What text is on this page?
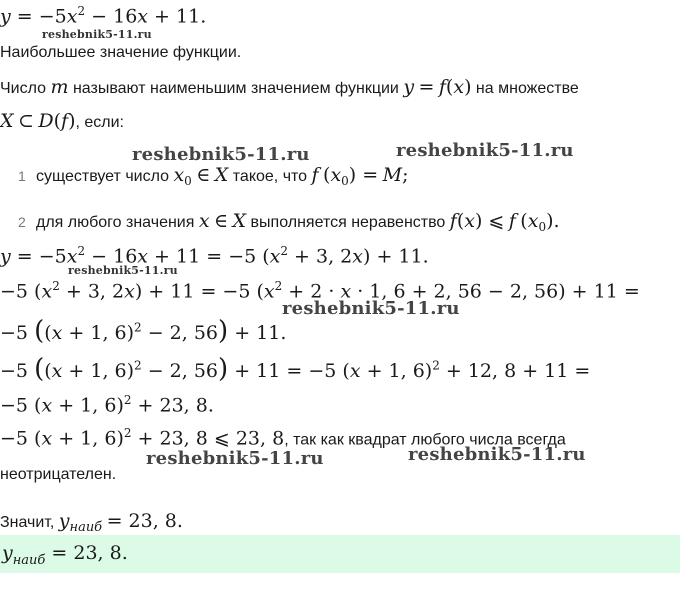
$y = -5x^2 - 16x + 11$.
reshebnik5-11.ru
Наибольшее значение функции.
Число m называют наименьшим значением функции y = f(x) на множестве
X ⊂ D(f), если:
reshebnik5-11.ru	reshebnik5-11.ru
1 существует число $x_0$ ∈ X такое, что f $(x_0) = M$;
2 для любого значения x ∈ X выполняется неравенство f(x) ⩽ f $(x_0)$.
$y = -5x^2 - 16x + 11 = -5$ ($x^2 + 3$, 2x) + 11.
reshebnik5-11.ru
−5 ($x^2 + 3$, 2x) + 11 = −5 ($x^2 + 2 \cdot x \cdot 1$, 6 + 2, 56 − 2, 56) + 11 =
reshebnik5-11.ru
−5 ((x + 1, 6)$^2$ − 2, 56) + 11.
−5 ((x + 1, 6)$^2$ − 2, 56) + 11 = −5 (x + 1, 6)$^2$ + 12, 8 + 11 =
−5 (x + 1, 6)$^2$ + 23, 8.
−5 (x + 1, 6)$^2$ + 23, 8 ⩽ 23, 8, так как квадрат любого числа всегда
reshebnik5-11.ru	reshebnik5-11.ru
неотрицателен.
Значит, $y_{наиб} = 23$, 8.
$y_{наиб} = 23$, 8.
